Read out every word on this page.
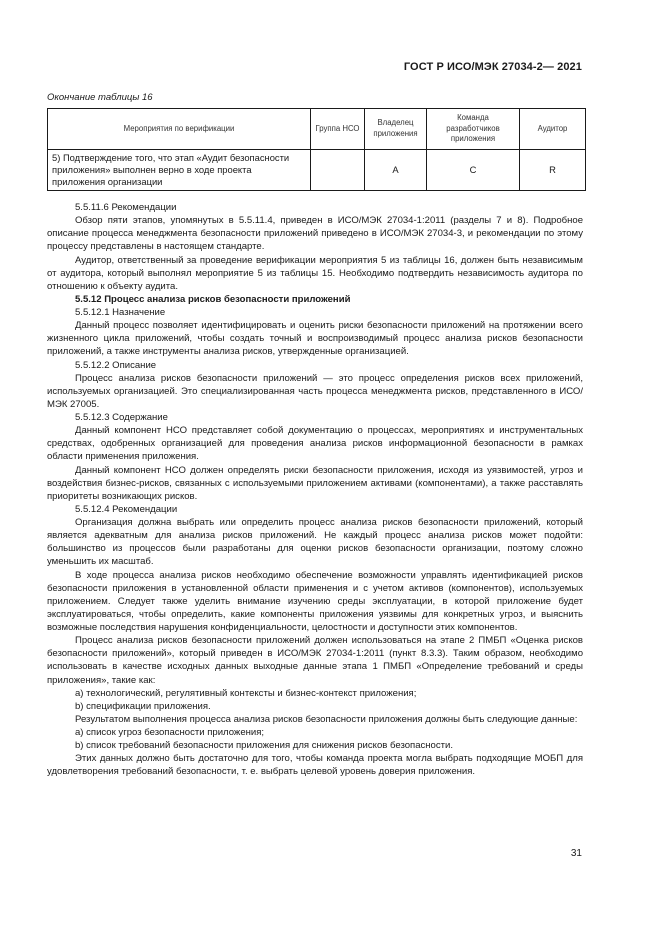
ГОСТ Р ИСО/МЭК 27034-2— 2021
Окончание таблицы 16
Мероприятия по верификации	Группа НСО	Владелец приложения	Команда разработчиков приложения	Аудитор
5) Подтверждение того, что этап «Аудит безопасности приложения» выполнен верно в ходе проекта приложения организации		A	C	R

5.5.11.6 Рекомендации

Обзор пяти этапов, упомянутых в 5.5.11.4, приведен в ИСО/МЭК 27034-1:2011 (разделы 7 и 8). Подробное описание процесса менеджмента безопасности приложений приведено в ИСО/МЭК 27034-3, и рекомендации по этому процессу представлены в настоящем стандарте.

Аудитор, ответственный за проведение верификации мероприятия 5 из таблицы 16, должен быть независимым от аудитора, который выполнял мероприятие 5 из таблицы 15. Необходимо подтвердить независимость аудитора по отношению к объекту аудита.

5.5.12 Процесс анализа рисков безопасности приложений

5.5.12.1 Назначение

Данный процесс позволяет идентифицировать и оценить риски безопасности приложений на протяжении всего жизненного цикла приложений, чтобы создать точный и воспроизводимый процесс анализа рисков безопасности приложений, а также инструменты анализа рисков, утвержденные организацией.

5.5.12.2 Описание

Процесс анализа рисков безопасности приложений — это процесс определения рисков всех приложений, используемых организацией. Это специализированная часть процесса менеджмента рисков, представленного в ИСО/МЭК 27005.

5.5.12.3 Содержание

Данный компонент НСО представляет собой документацию о процессах, мероприятиях и инструментальных средствах, одобренных организацией для проведения анализа рисков информационной безопасности в рамках области применения приложения.

Данный компонент НСО должен определять риски безопасности приложения, исходя из уязвимостей, угроз и воздействия бизнес-рисков, связанных с используемыми приложением активами (компонентами), а также расставлять приоритеты возникающих рисков.

5.5.12.4 Рекомендации

Организация должна выбрать или определить процесс анализа рисков безопасности приложений, который является адекватным для анализа рисков приложений. Не каждый процесс анализа рисков может подойти: большинство из процессов были разработаны для оценки рисков безопасности организации, поэтому сложно уменьшить их масштаб.

В ходе процесса анализа рисков необходимо обеспечение возможности управлять идентификацией рисков безопасности приложения в установленной области применения и с учетом активов (компонентов), используемых приложением. Следует также уделить внимание изучению среды эксплуатации, в которой приложение будет эксплуатироваться, чтобы определить, какие компоненты приложения уязвимы для конкретных угроз, и выяснить возможные последствия нарушения конфиденциальности, целостности и доступности этих компонентов.

Процесс анализа рисков безопасности приложений должен использоваться на этапе 2 ПМБП «Оценка рисков безопасности приложений», который приведен в ИСО/МЭК 27034-1:2011 (пункт 8.3.3). Таким образом, необходимо использовать в качестве исходных данных выходные данные этапа 1 ПМБП «Определение требований и среды приложения», такие как:

a) технологический, регулятивный контексты и бизнес-контекст приложения;

b) спецификации приложения.

Результатом выполнения процесса анализа рисков безопасности приложения должны быть следующие данные:

a) список угроз безопасности приложения;

b) список требований безопасности приложения для снижения рисков безопасности.

Этих данных должно быть достаточно для того, чтобы команда проекта могла выбрать подходящие МОБП для удовлетворения требований безопасности, т. е. выбрать целевой уровень доверия приложения.

31
